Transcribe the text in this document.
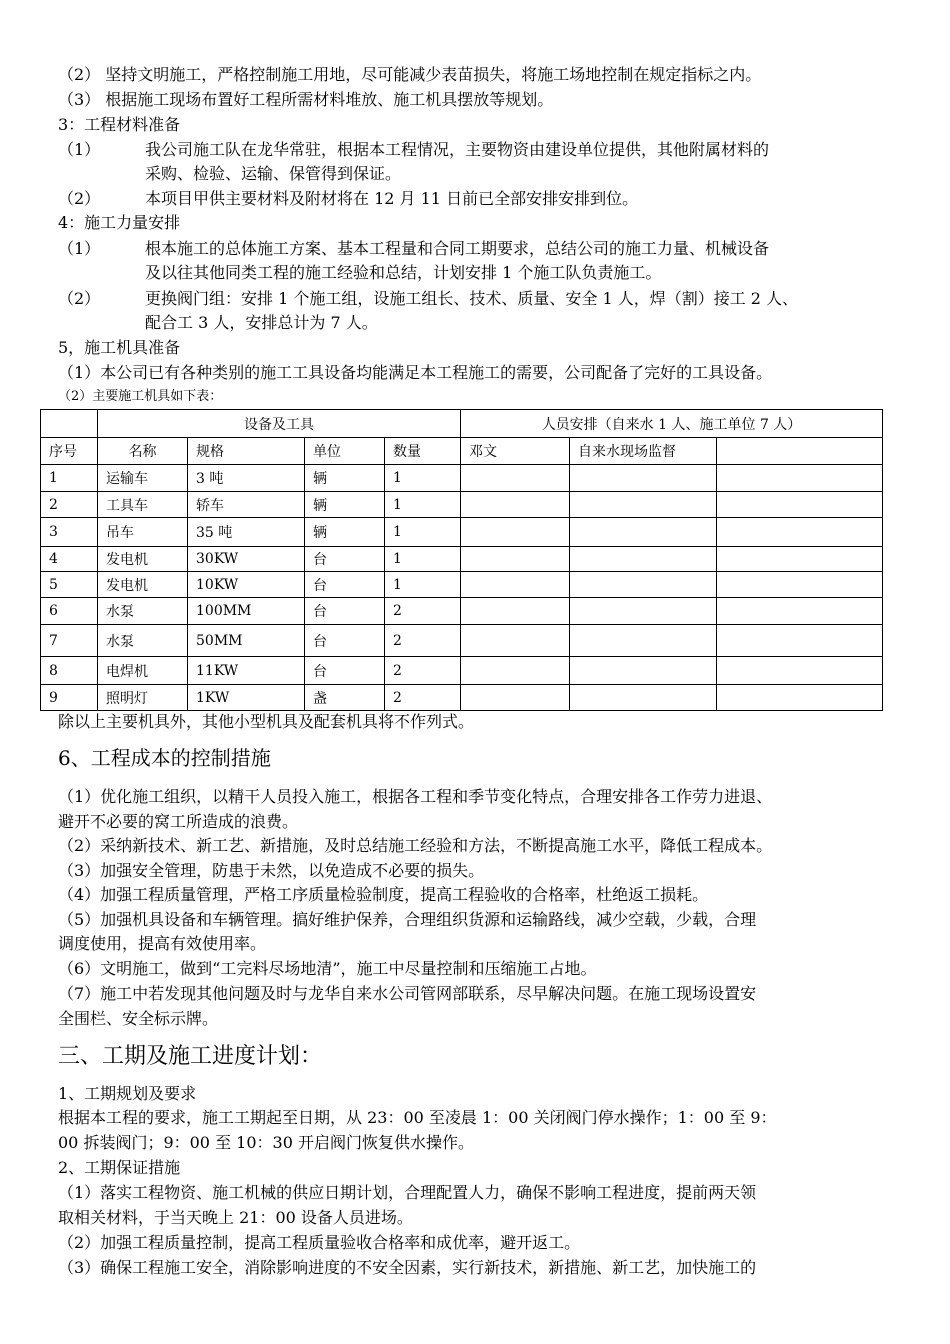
（2） 坚持文明施工，严格控制施工用地，尽可能减少表苗损失，将施工场地控制在规定指标之内。
（3） 根据施工现场布置好工程所需材料堆放、施工机具摆放等规划。
3：工程材料准备
（1）	我公司施工队在龙华常驻，根据本工程情况，主要物资由建设单位提供，其他附属材料的
采购、检验、运输、保管得到保证。
（2）	本项目甲供主要材料及附材将在 12 月 11 日前已全部安排安排到位。
4：施工力量安排
（1）	根本施工的总体施工方案、基本工程量和合同工期要求，总结公司的施工力量、机械设备
及以往其他同类工程的施工经验和总结，计划安排 1 个施工队负责施工。
（2）	更换阀门组：安排 1 个施工组，设施工组长、技术、质量、安全 1 人，焊（割）接工 2 人、
配合工 3 人，安排总计为 7 人。
5，施工机具准备
（1）本公司已有各种类别的施工工具设备均能满足本工程施工的需要，公司配备了完好的工具设备。
（2）主要施工机具如下表：
	设备及工具				人员安排（自来水 1 人、施工单位 7 人）		
序号	名称	规格	单位	数量	邓文	自来水现场监督	
1	运输车	3 吨	辆	1			
2	工具车	轿车	辆	1			
3	吊车	35 吨	辆	1			
4	发电机	30KW	台	1			
5	发电机	10KW	台	1			
6	水泵	100MM	台	2			
7	水泵	50MM	台	2			
8	电焊机	11KW	台	2			
9	照明灯	1KW	盏	2			
除以上主要机具外，其他小型机具及配套机具将不作列式。
6、工程成本的控制措施
（1）优化施工组织，以精干人员投入施工，根据各工程和季节变化特点，合理安排各工作劳力进退、
避开不必要的窝工所造成的浪费。
（2）采纳新技术、新工艺、新措施，及时总结施工经验和方法，不断提高施工水平，降低工程成本。
（3）加强安全管理，防患于未然，以免造成不必要的损失。
（4）加强工程质量管理，严格工序质量检验制度，提高工程验收的合格率，杜绝返工损耗。
（5）加强机具设备和车辆管理。搞好维护保养，合理组织货源和运输路线，减少空载，少载，合理
调度使用，提高有效使用率。
（6）文明施工，做到“工完料尽场地清”，施工中尽量控制和压缩施工占地。
（7）施工中若发现其他问题及时与龙华自来水公司管网部联系，尽早解决问题。在施工现场设置安
全围栏、安全标示牌。
三、工期及施工进度计划：
1、工期规划及要求
根据本工程的要求，施工工期起至日期，从 23：00 至凌晨 1：00 关闭阀门停水操作；1：00 至 9：
00 拆装阀门；9：00 至 10：30 开启阀门恢复供水操作。
2、工期保证措施
（1）落实工程物资、施工机械的供应日期计划，合理配置人力，确保不影响工程进度，提前两天领
取相关材料，于当天晚上 21：00 设备人员进场。
（2）加强工程质量控制，提高工程质量验收合格率和成优率，避开返工。
（3）确保工程施工安全，消除影响进度的不安全因素，实行新技术，新措施、新工艺，加快施工的
